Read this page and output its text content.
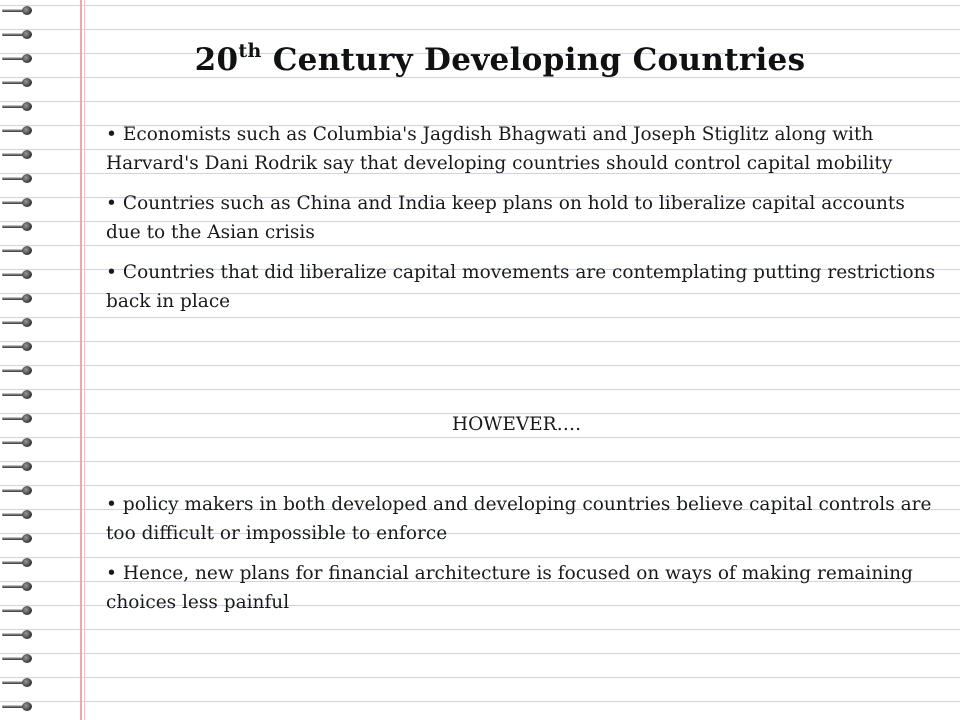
20th Century Developing Countries

• Economists such as Columbia's Jagdish Bhagwati and Joseph Stiglitz along with Harvard's Dani Rodrik say that developing countries should control capital mobility

• Countries such as China and India keep plans on hold to liberalize capital accounts due to the Asian crisis

• Countries that did liberalize capital movements are contemplating putting restrictions back in place

HOWEVER….

• policy makers in both developed and developing countries believe capital controls are too difficult or impossible to enforce

• Hence, new plans for financial architecture is focused on ways of making remaining choices less painful
